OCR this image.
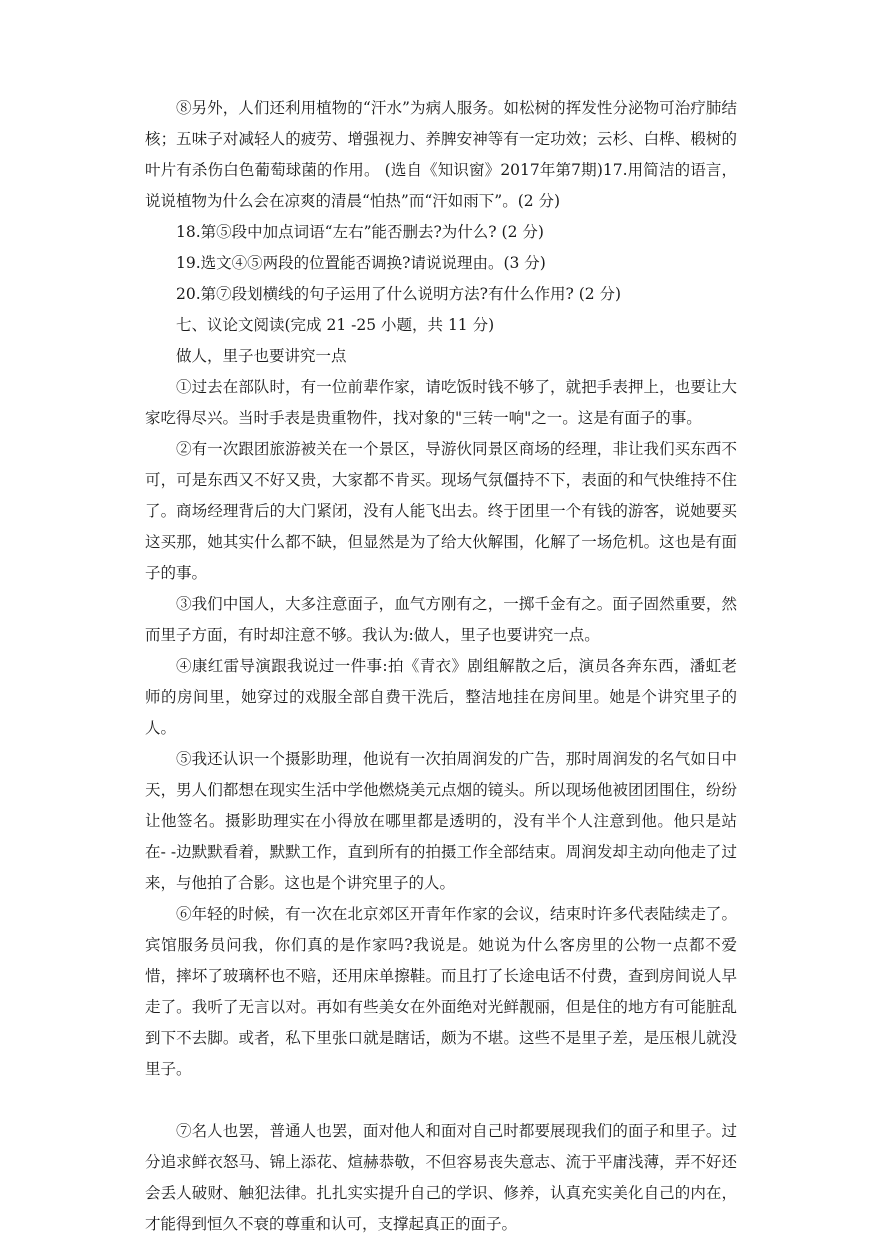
⑧另外，人们还利用植物的“汗水”为病人服务。如松树的挥发性分泌物可治疗肺结核；五味子对减轻人的疲劳、增强视力、养脾安神等有一定功效；云杉、白桦、椴树的叶片有杀伤白色葡萄球菌的作用。 (选自《知识窗》2017年第7期)17.用简洁的语言，说说植物为什么会在凉爽的清晨“怕热”而“汗如雨下”。(2 分)

18.第⑤段中加点词语“左右”能否删去?为什么? (2 分)

19.选文④⑤两段的位置能否调换?请说说理由。(3 分)

20.第⑦段划横线的句子运用了什么说明方法?有什么作用? (2 分)

七、议论文阅读(完成 21 -25 小题，共 11 分)

做人，里子也要讲究一点

①过去在部队时，有一位前辈作家，请吃饭时钱不够了，就把手表押上，也要让大家吃得尽兴。当时手表是贵重物件，找对象的"三转一响"之一。这是有面子的事。

②有一次跟团旅游被关在一个景区，导游伙同景区商场的经理，非让我们买东西不可，可是东西又不好又贵，大家都不肯买。现场气氛僵持不下，表面的和气快维持不住了。商场经理背后的大门紧闭，没有人能飞出去。终于团里一个有钱的游客，说她要买这买那，她其实什么都不缺，但显然是为了给大伙解围，化解了一场危机。这也是有面子的事。

③我们中国人，大多注意面子，血气方刚有之，一掷千金有之。面子固然重要，然而里子方面，有时却注意不够。我认为:做人，里子也要讲究一点。

④康红雷导演跟我说过一件事:拍《青衣》剧组解散之后，演员各奔东西，潘虹老师的房间里，她穿过的戏服全部自费干洗后，整洁地挂在房间里。她是个讲究里子的人。

⑤我还认识一个摄影助理，他说有一次拍周润发的广告，那时周润发的名气如日中天，男人们都想在现实生活中学他燃烧美元点烟的镜头。所以现场他被团团围住，纷纷让他签名。摄影助理实在小得放在哪里都是透明的，没有半个人注意到他。他只是站在- -边默默看着，默默工作，直到所有的拍摄工作全部结束。周润发却主动向他走了过来，与他拍了合影。这也是个讲究里子的人。

⑥年轻的时候，有一次在北京郊区开青年作家的会议，结束时许多代表陆续走了。宾馆服务员问我，你们真的是作家吗?我说是。她说为什么客房里的公物一点都不爱惜，摔坏了玻璃杯也不赔，还用床单擦鞋。而且打了长途电话不付费，查到房间说人早走了。我听了无言以对。再如有些美女在外面绝对光鲜靓丽，但是住的地方有可能脏乱到下不去脚。或者，私下里张口就是瞎话，颇为不堪。这些不是里子差，是压根儿就没里子。

⑦名人也罢，普通人也罢，面对他人和面对自己时都要展现我们的面子和里子。过分追求鲜衣怒马、锦上添花、煊赫恭敬，不但容易丧失意志、流于平庸浅薄，弄不好还会丢人破财、触犯法律。扎扎实实提升自己的学识、修养，认真充实美化自己的内在，才能得到恒久不衰的尊重和认可，支撑起真正的面子。
